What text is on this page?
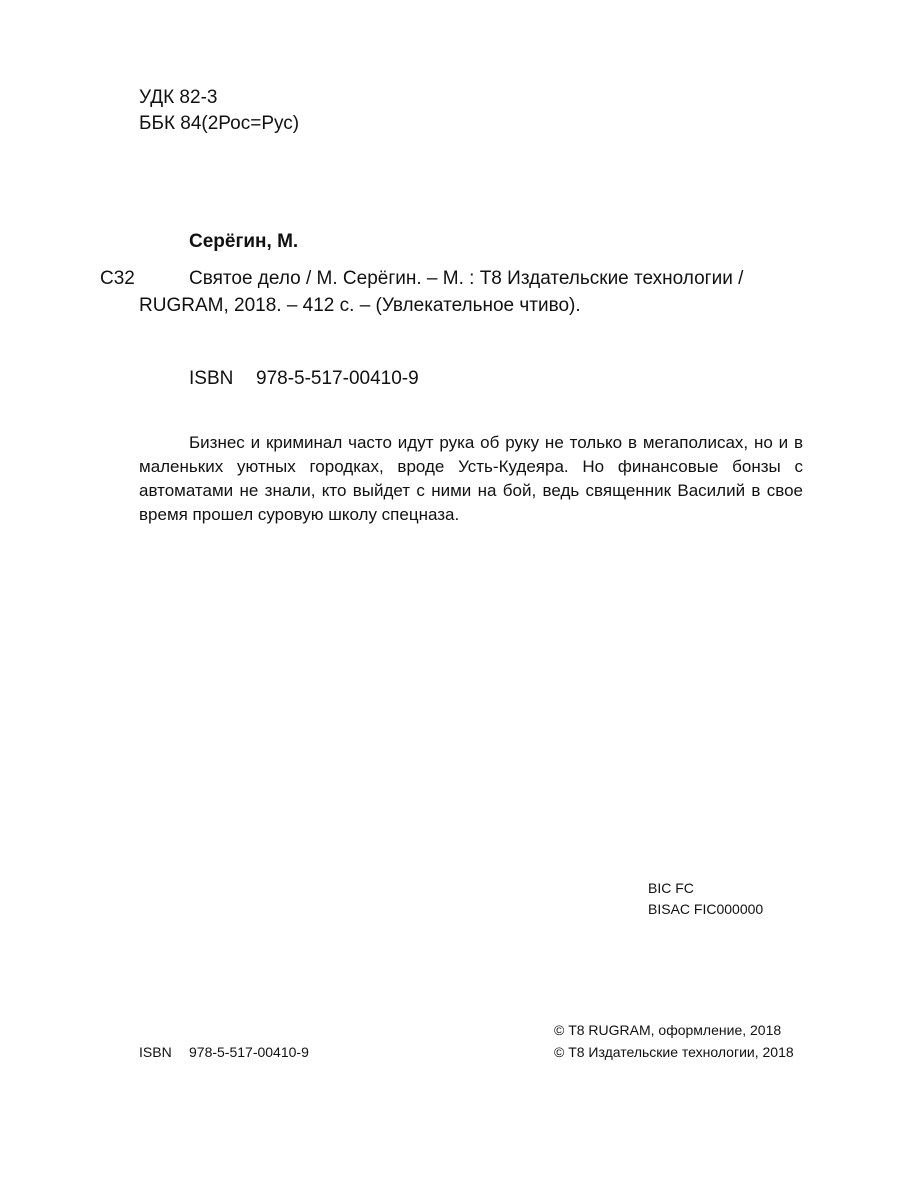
УДК 82-3
ББК 84(2Рос=Рус)
Серёгин, М.
С32	Святое дело / М. Серёгин. – М. : Т8 Издательские технологии /
RUGRAM, 2018. – 412 с. – (Увлекательное чтиво).
ISBN 978-5-517-00410-9

Бизнес и криминал часто идут рука об руку не только в мегаполисах, но и в маленьких уютных городках, вроде Усть-Кудеяра. Но финансовые бонзы с автоматами не знали, кто выйдет с ними на бой, ведь священник Василий в свое время прошел суровую школу спецназа.

BIC FC
BISAC FIC000000
© Т8 RUGRAM, оформление, 2018
ISBN 978-5-517-00410-9	© Т8 Издательские технологии, 2018
